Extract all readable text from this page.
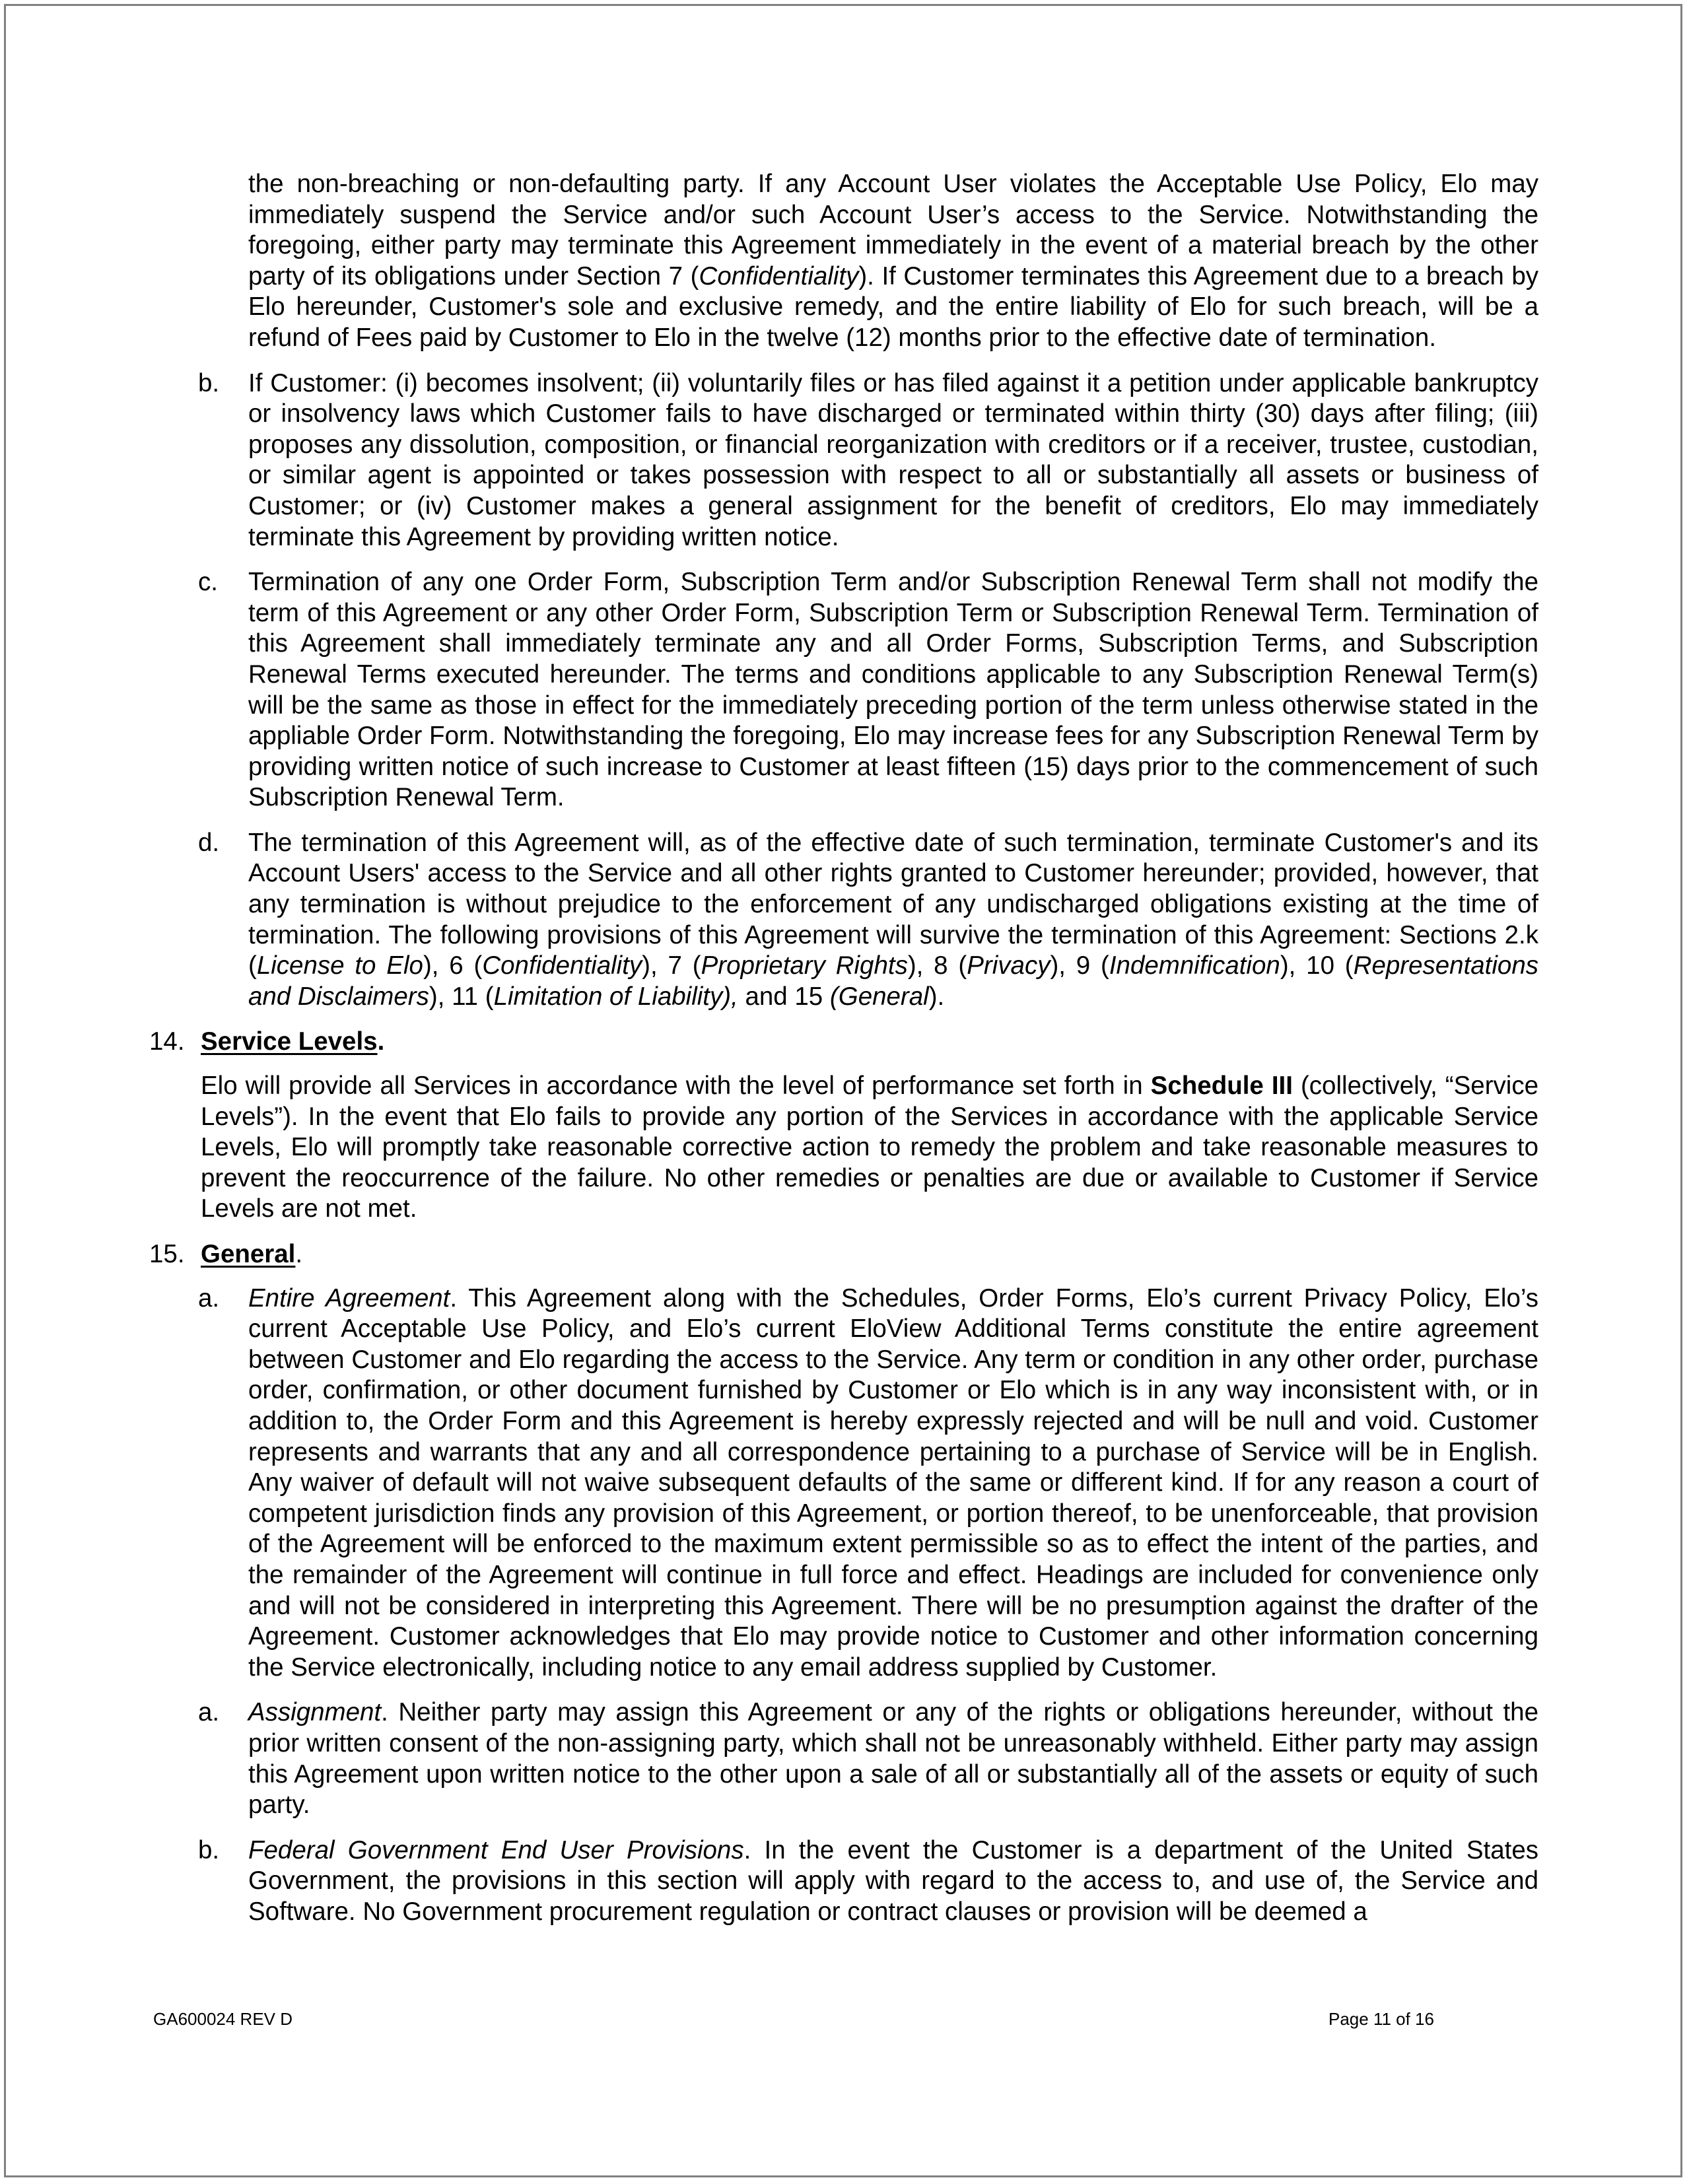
the non-breaching or non-defaulting party. If any Account User violates the Acceptable Use Policy, Elo may immediately suspend the Service and/or such Account User’s access to the Service. Notwithstanding the foregoing, either party may terminate this Agreement immediately in the event of a material breach by the other party of its obligations under Section 7 (Confidentiality). If Customer terminates this Agreement due to a breach by Elo hereunder, Customer's sole and exclusive remedy, and the entire liability of Elo for such breach, will be a refund of Fees paid by Customer to Elo in the twelve (12) months prior to the effective date of termination.
b. If Customer: (i) becomes insolvent; (ii) voluntarily files or has filed against it a petition under applicable bankruptcy or insolvency laws which Customer fails to have discharged or terminated within thirty (30) days after filing; (iii) proposes any dissolution, composition, or financial reorganization with creditors or if a receiver, trustee, custodian, or similar agent is appointed or takes possession with respect to all or substantially all assets or business of Customer; or (iv) Customer makes a general assignment for the benefit of creditors, Elo may immediately terminate this Agreement by providing written notice.
c. Termination of any one Order Form, Subscription Term and/or Subscription Renewal Term shall not modify the term of this Agreement or any other Order Form, Subscription Term or Subscription Renewal Term. Termination of this Agreement shall immediately terminate any and all Order Forms, Subscription Terms, and Subscription Renewal Terms executed hereunder. The terms and conditions applicable to any Subscription Renewal Term(s) will be the same as those in effect for the immediately preceding portion of the term unless otherwise stated in the appliable Order Form. Notwithstanding the foregoing, Elo may increase fees for any Subscription Renewal Term by providing written notice of such increase to Customer at least fifteen (15) days prior to the commencement of such Subscription Renewal Term.
d. The termination of this Agreement will, as of the effective date of such termination, terminate Customer's and its Account Users' access to the Service and all other rights granted to Customer hereunder; provided, however, that any termination is without prejudice to the enforcement of any undischarged obligations existing at the time of termination. The following provisions of this Agreement will survive the termination of this Agreement: Sections 2.k (License to Elo), 6 (Confidentiality), 7 (Proprietary Rights), 8 (Privacy), 9 (Indemnification), 10 (Representations and Disclaimers), 11 (Limitation of Liability), and 15 (General).
14. Service Levels.
Elo will provide all Services in accordance with the level of performance set forth in Schedule III (collectively, “Service Levels”). In the event that Elo fails to provide any portion of the Services in accordance with the applicable Service Levels, Elo will promptly take reasonable corrective action to remedy the problem and take reasonable measures to prevent the reoccurrence of the failure. No other remedies or penalties are due or available to Customer if Service Levels are not met.
15. General.
a. Entire Agreement. This Agreement along with the Schedules, Order Forms, Elo’s current Privacy Policy, Elo’s current Acceptable Use Policy, and Elo’s current EloView Additional Terms constitute the entire agreement between Customer and Elo regarding the access to the Service. Any term or condition in any other order, purchase order, confirmation, or other document furnished by Customer or Elo which is in any way inconsistent with, or in addition to, the Order Form and this Agreement is hereby expressly rejected and will be null and void. Customer represents and warrants that any and all correspondence pertaining to a purchase of Service will be in English. Any waiver of default will not waive subsequent defaults of the same or different kind. If for any reason a court of competent jurisdiction finds any provision of this Agreement, or portion thereof, to be unenforceable, that provision of the Agreement will be enforced to the maximum extent permissible so as to effect the intent of the parties, and the remainder of the Agreement will continue in full force and effect. Headings are included for convenience only and will not be considered in interpreting this Agreement. There will be no presumption against the drafter of the Agreement. Customer acknowledges that Elo may provide notice to Customer and other information concerning the Service electronically, including notice to any email address supplied by Customer.
a. Assignment. Neither party may assign this Agreement or any of the rights or obligations hereunder, without the prior written consent of the non-assigning party, which shall not be unreasonably withheld. Either party may assign this Agreement upon written notice to the other upon a sale of all or substantially all of the assets or equity of such party.
b. Federal Government End User Provisions. In the event the Customer is a department of the United States Government, the provisions in this section will apply with regard to the access to, and use of, the Service and Software. No Government procurement regulation or contract clauses or provision will be deemed a
GA600024 REV D	Page 11 of 16
